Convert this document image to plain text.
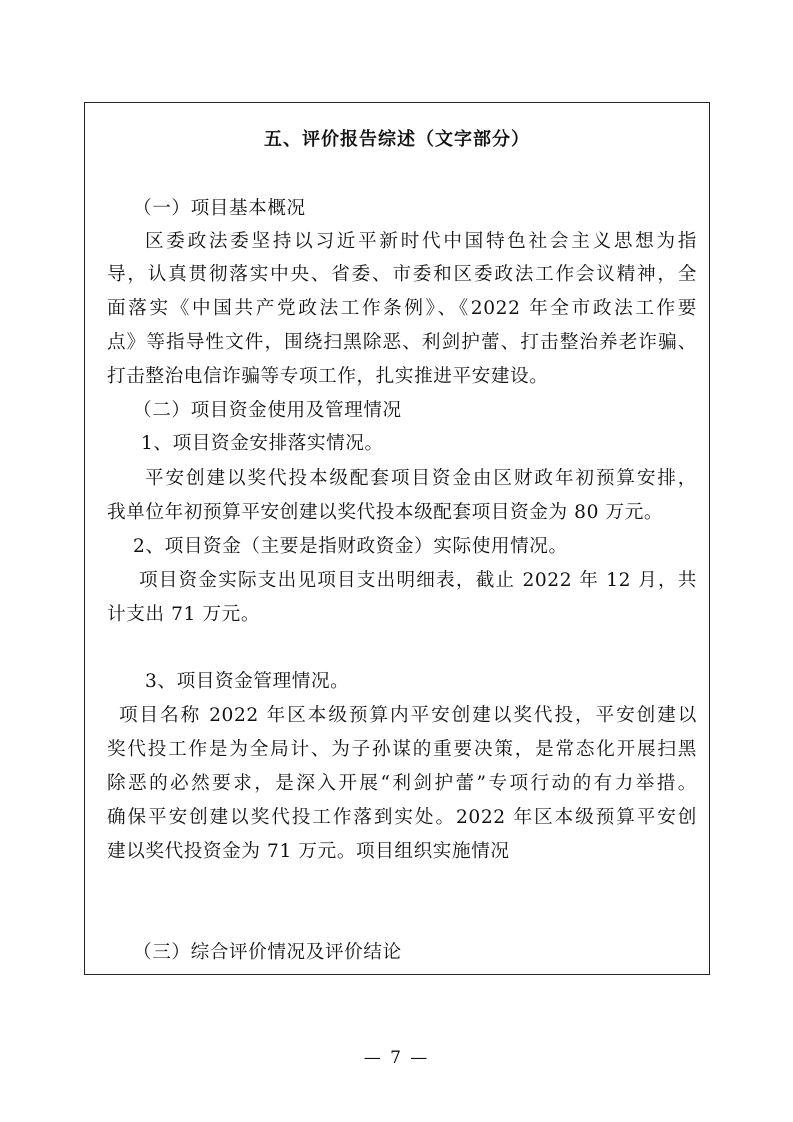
五、评价报告综述（文字部分）
（一）项目基本概况
区委政法委坚持以习近平新时代中国特色社会主义思想为指
导，认真贯彻落实中央、省委、市委和区委政法工作会议精神，全
面落实《中国共产党政法工作条例》、《2022 年全市政法工作要
点》等指导性文件，围绕扫黑除恶、利剑护蕾、打击整治养老诈骗、
打击整治电信诈骗等专项工作，扎实推进平安建设。
（二）项目资金使用及管理情况
1、项目资金安排落实情况。
平安创建以奖代投本级配套项目资金由区财政年初预算安排，
我单位年初预算平安创建以奖代投本级配套项目资金为 80 万元。
2、项目资金（主要是指财政资金）实际使用情况。
项目资金实际支出见项目支出明细表，截止 2022 年 12 月，共
计支出 71 万元。
3、项目资金管理情况。
项目名称 2022 年区本级预算内平安创建以奖代投，平安创建以
奖代投工作是为全局计、为子孙谋的重要决策，是常态化开展扫黑
除恶的必然要求，是深入开展“利剑护蕾”专项行动的有力举措。
确保平安创建以奖代投工作落到实处。2022 年区本级预算平安创
建以奖代投资金为 71 万元。项目组织实施情况
（三）综合评价情况及评价结论
— 7 —
